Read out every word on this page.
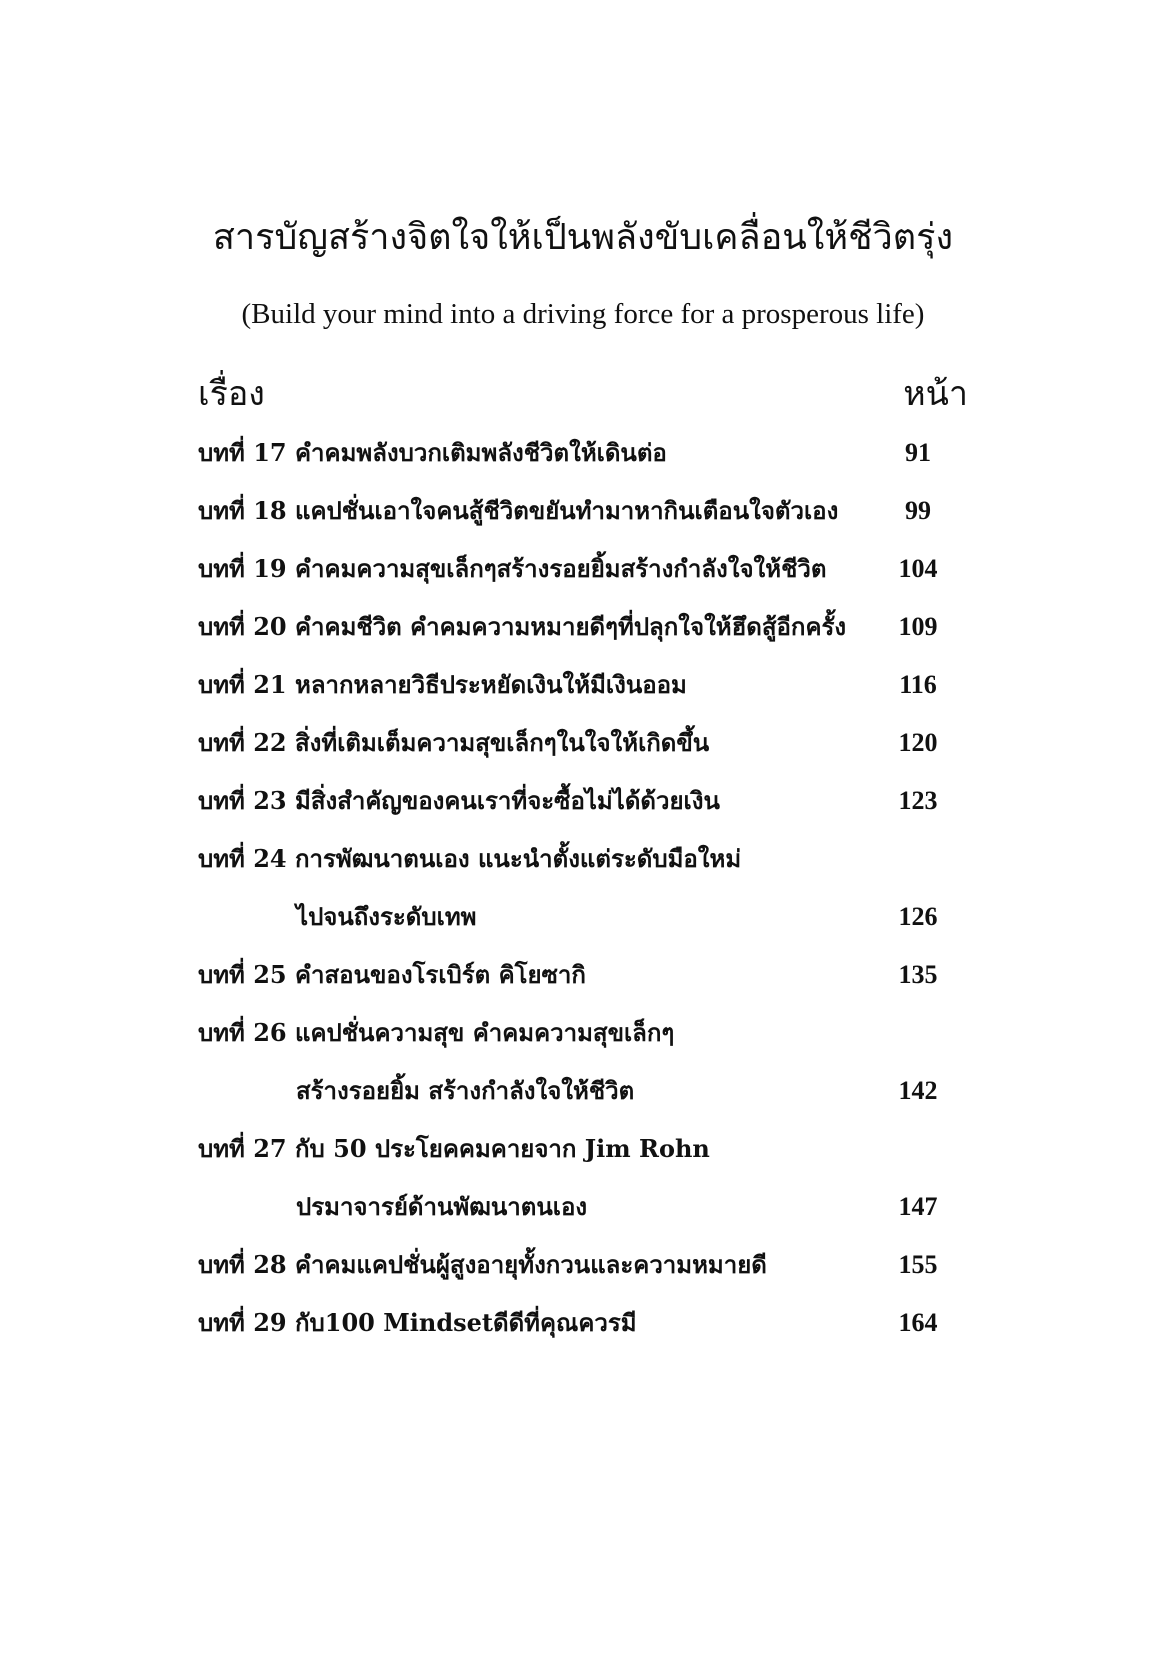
สารบัญสร้างจิตใจให้เป็นพลังขับเคลื่อนให้ชีวิตรุ่ง

(Build your mind into a driving force for a prosperous life)

เรื่อง	หน้า
บทที่ 17 คำคมพลังบวกเติมพลังชีวิตให้เดินต่อ	91
บทที่ 18 แคปชั่นเอาใจคนสู้ชีวิตขยันทำมาหากินเตือนใจตัวเอง	99
บทที่ 19 คำคมความสุขเล็กๆสร้างรอยยิ้มสร้างกำลังใจให้ชีวิต	104
บทที่ 20 คำคมชีวิต คำคมความหมายดีๆที่ปลุกใจให้ฮึดสู้อีกครั้ง	109
บทที่ 21 หลากหลายวิธีประหยัดเงินให้มีเงินออม	116
บทที่ 22 สิ่งที่เติมเต็มความสุขเล็กๆในใจให้เกิดขึ้น	120
บทที่ 23 มีสิ่งสำคัญของคนเราที่จะซื้อไม่ได้ด้วยเงิน	123
บทที่ 24 การพัฒนาตนเอง แนะนำตั้งแต่ระดับมือใหม่
ไปจนถึงระดับเทพ	126
บทที่ 25 คำสอนของโรเบิร์ต คิโยซากิ	135
บทที่ 26 แคปชั่นความสุข คำคมความสุขเล็กๆ
สร้างรอยยิ้ม สร้างกำลังใจให้ชีวิต	142
บทที่ 27 กับ 50 ประโยคคมคายจาก Jim Rohn
ปรมาจารย์ด้านพัฒนาตนเอง	147
บทที่ 28 คำคมแคปชั่นผู้สูงอายุทั้งกวนและความหมายดี	155
บทที่ 29 กับ100 Mindsetดีดีที่คุณควรมี	164
